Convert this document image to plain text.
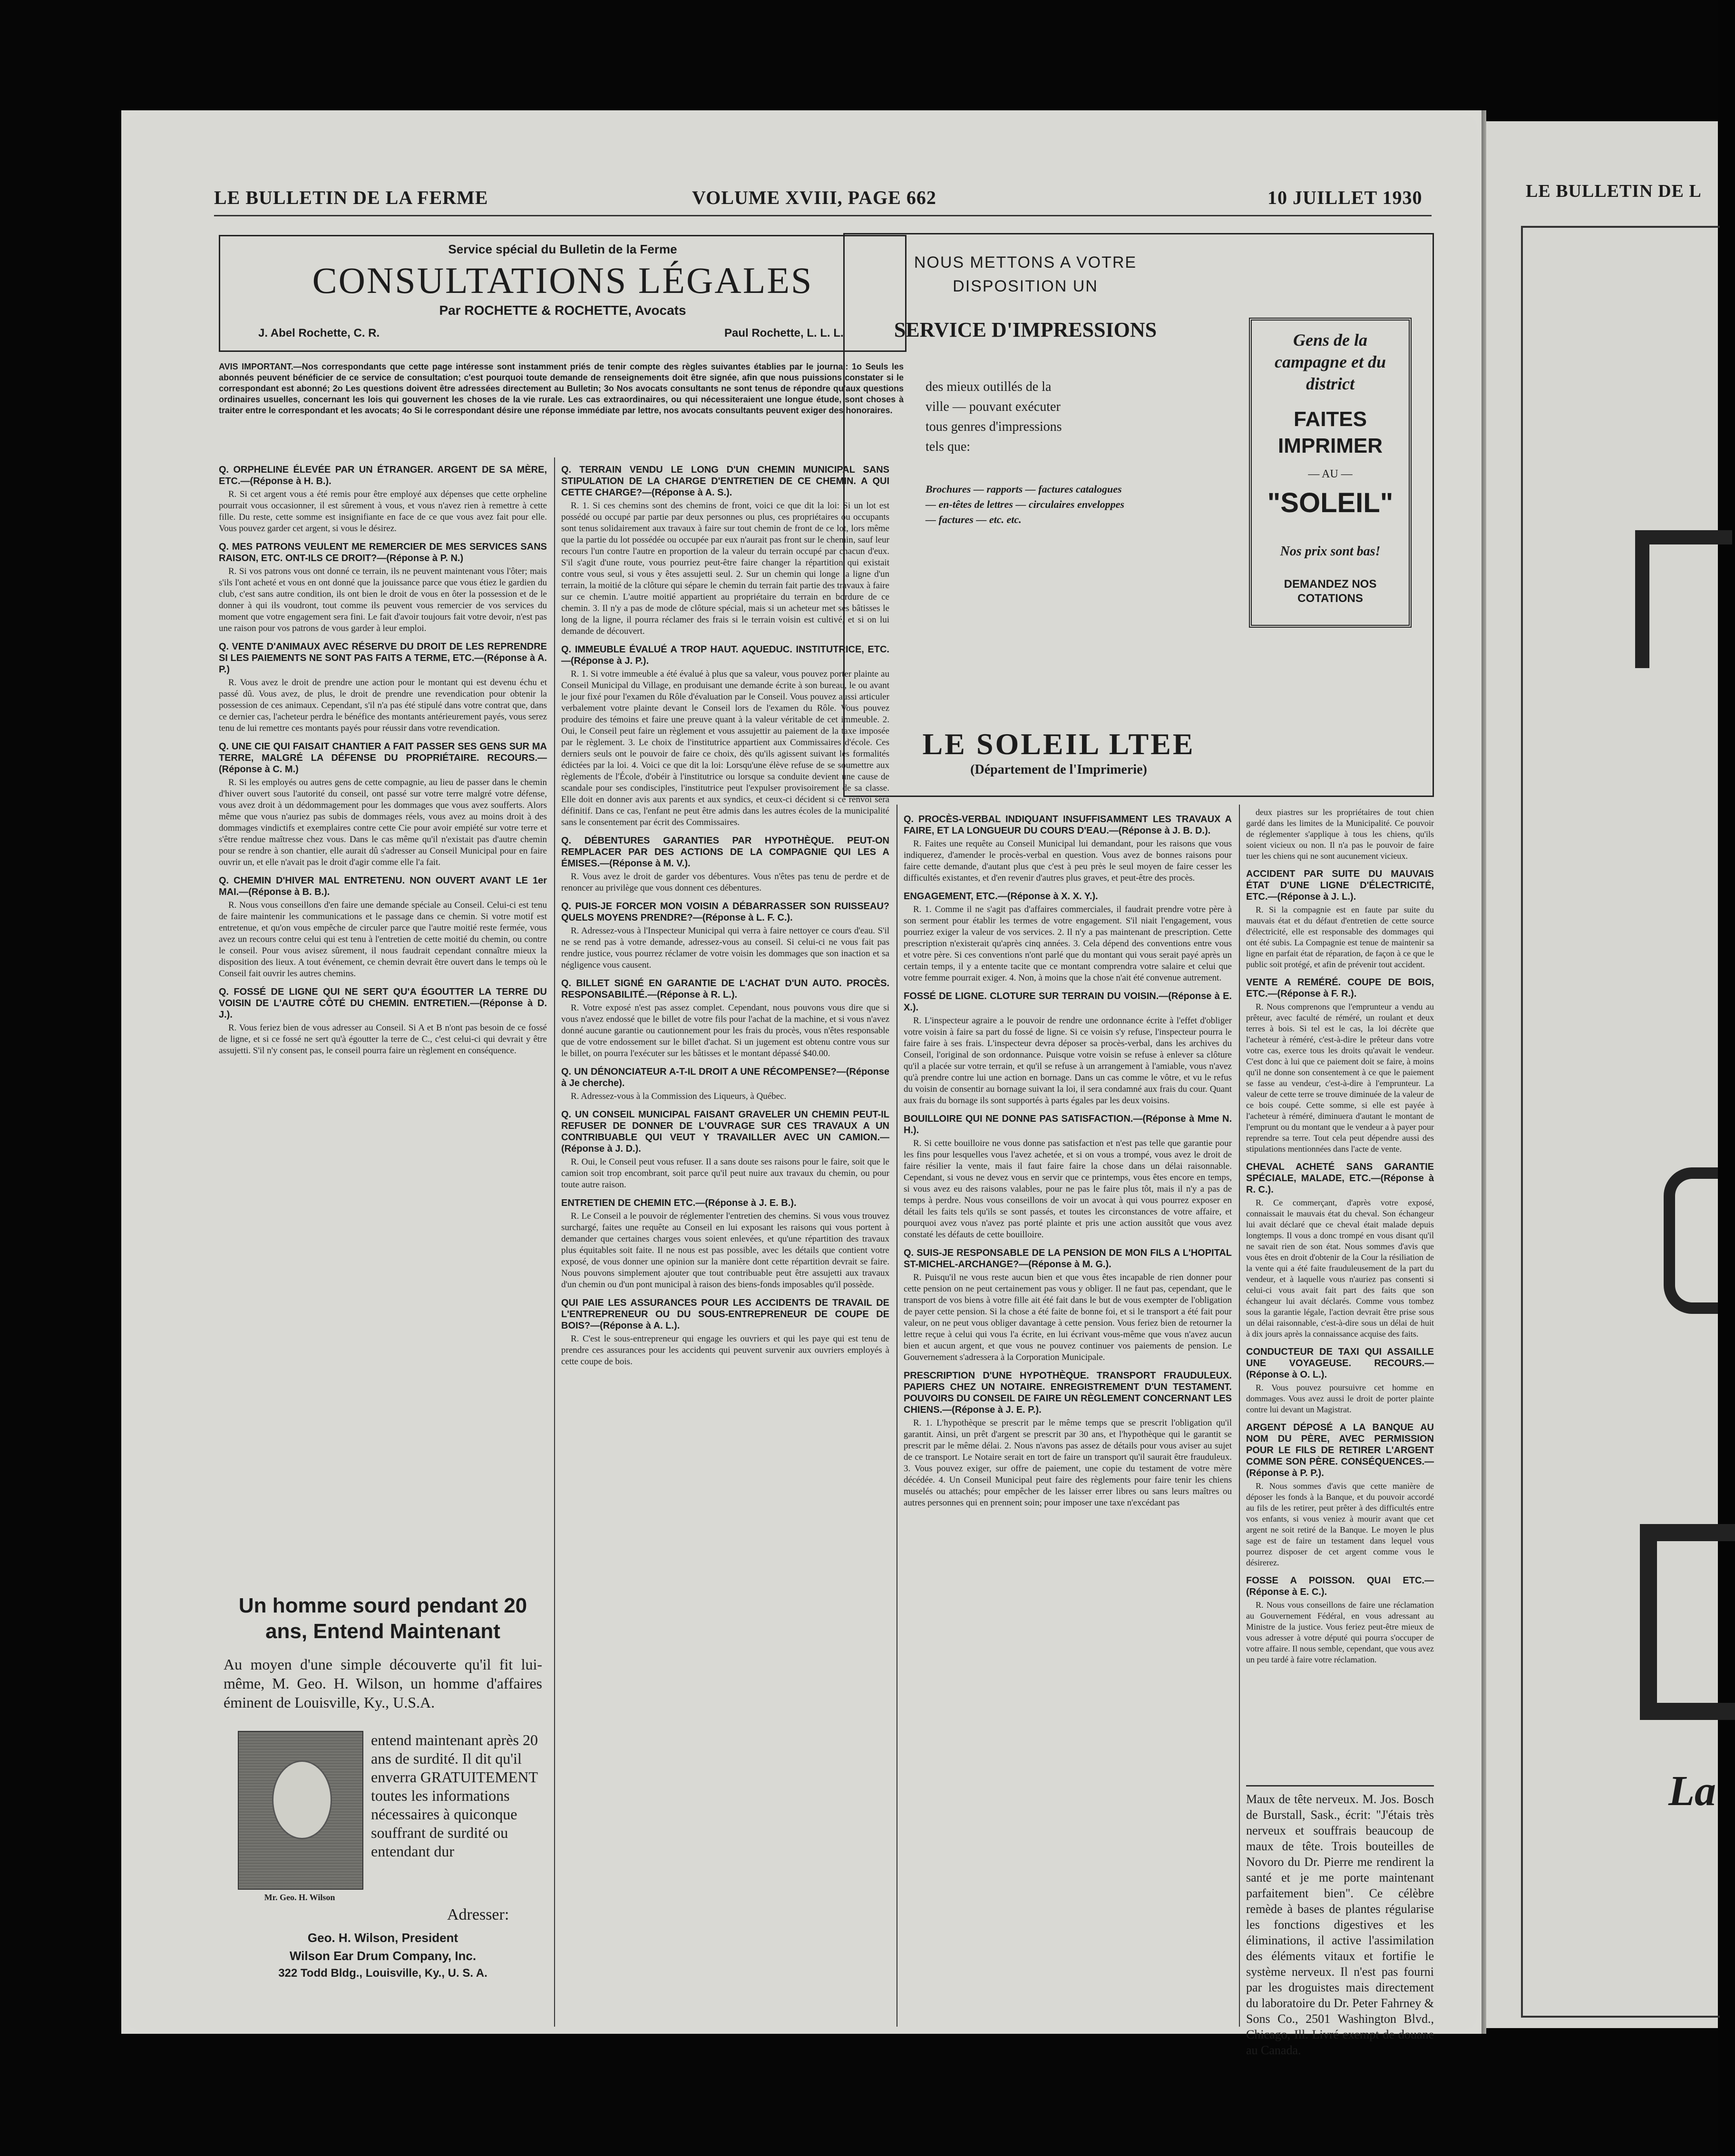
LE BULLETIN DE L
La
LE BULLETIN DE LA FERME	VOLUME XVIII, PAGE 662	10 JUILLET 1930
Service spécial du Bulletin de la Ferme
CONSULTATIONS LÉGALES
Par ROCHETTE & ROCHETTE, Avocats
J. Abel Rochette, C. R.	Paul Rochette, L. L. L.
AVIS IMPORTANT.—Nos correspondants que cette page intéresse sont instamment priés de tenir compte des règles suivantes établies par le journal: 1o Seuls les abonnés peuvent bénéficier de ce service de consultation; c'est pourquoi toute demande de renseignements doit être signée, afin que nous puissions constater si le correspondant est abonné; 2o Les questions doivent être adressées directement au Bulletin; 3o Nos avocats consultants ne sont tenus de répondre qu'aux questions ordinaires usuelles, concernant les lois qui gouvernent les choses de la vie rurale. Les cas extraordinaires, ou qui nécessiteraient une longue étude, sont choses à traiter entre le correspondant et les avocats; 4o Si le correspondant désire une réponse immédiate par lettre, nos avocats consultants peuvent exiger des honoraires.
NOUS METTONS A VOTRE
DISPOSITION UN
SERVICE D'IMPRESSIONS
des mieux outillés de la
ville — pouvant exécuter
tous genres d'impressions
tels que:
Brochures — rapports — factures catalogues — en-têtes de lettres — circulaires enveloppes — factures — etc. etc.
LE SOLEIL LTEE
(Département de l'Imprimerie)
Gens de la campagne et du district
FAITES IMPRIMER
— AU —
"SOLEIL"
Nos prix sont bas!
DEMANDEZ NOS COTATIONS
Q. ORPHELINE ÉLEVÉE PAR UN ÉTRANGER. ARGENT DE SA MÈRE, ETC.—(Réponse à H. B.).

R. Si cet argent vous a été remis pour être employé aux dépenses que cette orpheline pourrait vous occasionner, il est sûrement à vous, et vous n'avez rien à remettre à cette fille. Du reste, cette somme est insignifiante en face de ce que vous avez fait pour elle. Vous pouvez garder cet argent, si vous le désirez.

Q. MES PATRONS VEULENT ME REMERCIER DE MES SERVICES SANS RAISON, ETC. ONT-ILS CE DROIT?—(Réponse à P. N.)

R. Si vos patrons vous ont donné ce terrain, ils ne peuvent maintenant vous l'ôter; mais s'ils l'ont acheté et vous en ont donné que la jouissance parce que vous étiez le gardien du club, c'est sans autre condition, ils ont bien le droit de vous en ôter la possession et de le donner à qui ils voudront, tout comme ils peuvent vous remercier de vos services du moment que votre engagement sera fini. Le fait d'avoir toujours fait votre devoir, n'est pas une raison pour vos patrons de vous garder à leur emploi.

Q. VENTE D'ANIMAUX AVEC RÉSERVE DU DROIT DE LES REPRENDRE SI LES PAIEMENTS NE SONT PAS FAITS A TERME, ETC.—(Réponse à A. P.)

R. Vous avez le droit de prendre une action pour le montant qui est devenu échu et passé dû. Vous avez, de plus, le droit de prendre une revendication pour obtenir la possession de ces animaux. Cependant, s'il n'a pas été stipulé dans votre contrat que, dans ce dernier cas, l'acheteur perdra le bénéfice des montants antérieurement payés, vous serez tenu de lui remettre ces montants payés pour réussir dans votre revendication.

Q. UNE CIE QUI FAISAIT CHANTIER A FAIT PASSER SES GENS SUR MA TERRE, MALGRÉ LA DÉFENSE DU PROPRIÉTAIRE. RECOURS.—(Réponse à C. M.)

R. Si les employés ou autres gens de cette compagnie, au lieu de passer dans le chemin d'hiver ouvert sous l'autorité du conseil, ont passé sur votre terre malgré votre défense, vous avez droit à un dédommagement pour les dommages que vous avez soufferts. Alors même que vous n'auriez pas subis de dommages réels, vous avez au moins droit à des dommages vindictifs et exemplaires contre cette Cie pour avoir empiété sur votre terre et s'être rendue maîtresse chez vous. Dans le cas même qu'il n'existait pas d'autre chemin pour se rendre à son chantier, elle aurait dû s'adresser au Conseil Municipal pour en faire ouvrir un, et elle n'avait pas le droit d'agir comme elle l'a fait.

Q. CHEMIN D'HIVER MAL ENTRETENU. NON OUVERT AVANT LE 1er MAI.—(Réponse à B. B.).

R. Nous vous conseillons d'en faire une demande spéciale au Conseil. Celui-ci est tenu de faire maintenir les communications et le passage dans ce chemin. Si votre motif est entretenue, et qu'on vous empêche de circuler parce que l'autre moitié reste fermée, vous avez un recours contre celui qui est tenu à l'entretien de cette moitié du chemin, ou contre le conseil. Pour vous avisez sûrement, il nous faudrait cependant connaître mieux la disposition des lieux. A tout événement, ce chemin devrait être ouvert dans le temps où le Conseil fait ouvrir les autres chemins.

Q. FOSSÉ DE LIGNE QUI NE SERT QU'A ÉGOUTTER LA TERRE DU VOISIN DE L'AUTRE CÔTÉ DU CHEMIN. ENTRETIEN.—(Réponse à D. J.).

R. Vous feriez bien de vous adresser au Conseil. Si A et B n'ont pas besoin de ce fossé de ligne, et si ce fossé ne sert qu'à égoutter la terre de C., c'est celui-ci qui devrait y être assujetti. S'il n'y consent pas, le conseil pourra faire un règlement en conséquence.

Un homme sourd pendant 20 ans, Entend Maintenant
Au moyen d'une simple découverte qu'il fit lui-même, M. Geo. H. Wilson, un homme d'affaires éminent de Louisville, Ky., U.S.A.
Mr. Geo. H. Wilson
entend maintenant après 20 ans de surdité. Il dit qu'il enverra GRATUITEMENT toutes les informations nécessaires à quiconque souffrant de surdité ou entendant dur
Adresser:
Geo. H. Wilson, President
Wilson Ear Drum Company, Inc.
322 Todd Bldg., Louisville, Ky., U. S. A.
Q. TERRAIN VENDU LE LONG D'UN CHEMIN MUNICIPAL SANS STIPULATION DE LA CHARGE D'ENTRETIEN DE CE CHEMIN. A QUI CETTE CHARGE?—(Réponse à A. S.).

R. 1. Si ces chemins sont des chemins de front, voici ce que dit la loi: Si un lot est possédé ou occupé par partie par deux personnes ou plus, ces propriétaires ou occupants sont tenus solidairement aux travaux à faire sur tout chemin de front de ce lot, lors même que la partie du lot possédée ou occupée par eux n'aurait pas front sur le chemin, sauf leur recours l'un contre l'autre en proportion de la valeur du terrain occupé par chacun d'eux. S'il s'agit d'une route, vous pourriez peut-être faire changer la répartition qui existait contre vous seul, si vous y êtes assujetti seul. 2. Sur un chemin qui longe la ligne d'un terrain, la moitié de la clôture qui sépare le chemin du terrain fait partie des travaux à faire sur ce chemin. L'autre moitié appartient au propriétaire du terrain en bordure de ce chemin. 3. Il n'y a pas de mode de clôture spécial, mais si un acheteur met ses bâtisses le long de la ligne, il pourra réclamer des frais si le terrain voisin est cultivé, et si on lui demande de découvert.

Q. IMMEUBLE ÉVALUÉ A TROP HAUT. AQUEDUC. INSTITUTRICE, ETC.—(Réponse à J. P.).

R. 1. Si votre immeuble a été évalué à plus que sa valeur, vous pouvez porter plainte au Conseil Municipal du Village, en produisant une demande écrite à son bureau, le ou avant le jour fixé pour l'examen du Rôle d'évaluation par le Conseil. Vous pouvez aussi articuler verbalement votre plainte devant le Conseil lors de l'examen du Rôle. Vous pouvez produire des témoins et faire une preuve quant à la valeur véritable de cet immeuble. 2. Oui, le Conseil peut faire un règlement et vous assujettir au paiement de la taxe imposée par le règlement. 3. Le choix de l'institutrice appartient aux Commissaires d'école. Ces derniers seuls ont le pouvoir de faire ce choix, dès qu'ils agissent suivant les formalités édictées par la loi. 4. Voici ce que dit la loi: Lorsqu'une élève refuse de se soumettre aux règlements de l'École, d'obéir à l'institutrice ou lorsque sa conduite devient une cause de scandale pour ses condisciples, l'institutrice peut l'expulser provisoirement de sa classe. Elle doit en donner avis aux parents et aux syndics, et ceux-ci décident si ce renvoi sera définitif. Dans ce cas, l'enfant ne peut être admis dans les autres écoles de la municipalité sans le consentement par écrit des Commissaires.

Q. DÉBENTURES GARANTIES PAR HYPOTHÈQUE. PEUT-ON REMPLACER PAR DES ACTIONS DE LA COMPAGNIE QUI LES A ÉMISES.—(Réponse à M. V.).

R. Vous avez le droit de garder vos débentures. Vous n'êtes pas tenu de perdre et de renoncer au privilège que vous donnent ces débentures.

Q. PUIS-JE FORCER MON VOISIN A DÉBARRASSER SON RUISSEAU? QUELS MOYENS PRENDRE?—(Réponse à L. F. C.).

R. Adressez-vous à l'Inspecteur Municipal qui verra à faire nettoyer ce cours d'eau. S'il ne se rend pas à votre demande, adressez-vous au conseil. Si celui-ci ne vous fait pas rendre justice, vous pourrez réclamer de votre voisin les dommages que son inaction et sa négligence vous causent.

Q. BILLET SIGNÉ EN GARANTIE DE L'ACHAT D'UN AUTO. PROCÈS. RESPONSABILITÉ.—(Réponse à R. L.).

R. Votre exposé n'est pas assez complet. Cependant, nous pouvons vous dire que si vous n'avez endossé que le billet de votre fils pour l'achat de la machine, et si vous n'avez donné aucune garantie ou cautionnement pour les frais du procès, vous n'êtes responsable que de votre endossement sur le billet d'achat. Si un jugement est obtenu contre vous sur le billet, on pourra l'exécuter sur les bâtisses et le montant dépassé $40.00.

Q. UN DÉNONCIATEUR A-T-IL DROIT A UNE RÉCOMPENSE?—(Réponse à Je cherche).

R. Adressez-vous à la Commission des Liqueurs, à Québec.

Q. UN CONSEIL MUNICIPAL FAISANT GRAVELER UN CHEMIN PEUT-IL REFUSER DE DONNER DE L'OUVRAGE SUR CES TRAVAUX A UN CONTRIBUABLE QUI VEUT Y TRAVAILLER AVEC UN CAMION.—(Réponse à J. D.).

R. Oui, le Conseil peut vous refuser. Il a sans doute ses raisons pour le faire, soit que le camion soit trop encombrant, soit parce qu'il peut nuire aux travaux du chemin, ou pour toute autre raison.

ENTRETIEN DE CHEMIN ETC.—(Réponse à J. E. B.).

R. Le Conseil a le pouvoir de réglementer l'entretien des chemins. Si vous vous trouvez surchargé, faites une requête au Conseil en lui exposant les raisons qui vous portent à demander que certaines charges vous soient enlevées, et qu'une répartition des travaux plus équitables soit faite. Il ne nous est pas possible, avec les détails que contient votre exposé, de vous donner une opinion sur la manière dont cette répartition devrait se faire. Nous pouvons simplement ajouter que tout contribuable peut être assujetti aux travaux d'un chemin ou d'un pont municipal à raison des biens-fonds imposables qu'il possède.

QUI PAIE LES ASSURANCES POUR LES ACCIDENTS DE TRAVAIL DE L'ENTREPRENEUR OU DU SOUS-ENTREPRENEUR DE COUPE DE BOIS?—(Réponse à A. L.).

R. C'est le sous-entrepreneur qui engage les ouvriers et qui les paye qui est tenu de prendre ces assurances pour les accidents qui peuvent survenir aux ouvriers employés à cette coupe de bois.

Q. PROCÈS-VERBAL INDIQUANT INSUFFISAMMENT LES TRAVAUX A FAIRE, ET LA LONGUEUR DU COURS D'EAU.—(Réponse à J. B. D.).

R. Faites une requête au Conseil Municipal lui demandant, pour les raisons que vous indiquerez, d'amender le procès-verbal en question. Vous avez de bonnes raisons pour faire cette demande, d'autant plus que c'est à peu près le seul moyen de faire cesser les difficultés existantes, et d'en revenir d'autres plus graves, et peut-être des procès.

ENGAGEMENT, ETC.—(Réponse à X. X. Y.).

R. 1. Comme il ne s'agit pas d'affaires commerciales, il faudrait prendre votre père à son serment pour établir les termes de votre engagement. S'il niait l'engagement, vous pourriez exiger la valeur de vos services. 2. Il n'y a pas maintenant de prescription. Cette prescription n'existerait qu'après cinq années. 3. Cela dépend des conventions entre vous et votre père. Si ces conventions n'ont parlé que du montant qui vous serait payé après un certain temps, il y a entente tacite que ce montant comprendra votre salaire et celui que votre femme pourrait exiger. 4. Non, à moins que la chose n'ait été convenue autrement.

FOSSÉ DE LIGNE. CLOTURE SUR TERRAIN DU VOISIN.—(Réponse à E. X.).

R. L'inspecteur agraire a le pouvoir de rendre une ordonnance écrite à l'effet d'obliger votre voisin à faire sa part du fossé de ligne. Si ce voisin s'y refuse, l'inspecteur pourra le faire faire à ses frais. L'inspecteur devra déposer sa procès-verbal, dans les archives du Conseil, l'original de son ordonnance. Puisque votre voisin se refuse à enlever sa clôture qu'il a placée sur votre terrain, et qu'il se refuse à un arrangement à l'amiable, vous n'avez qu'à prendre contre lui une action en bornage. Dans un cas comme le vôtre, et vu le refus du voisin de consentir au bornage suivant la loi, il sera condamné aux frais du cour. Quant aux frais du bornage ils sont supportés à parts égales par les deux voisins.

BOUILLOIRE QUI NE DONNE PAS SATISFACTION.—(Réponse à Mme N. H.).

R. Si cette bouilloire ne vous donne pas satisfaction et n'est pas telle que garantie pour les fins pour lesquelles vous l'avez achetée, et si on vous a trompé, vous avez le droit de faire résilier la vente, mais il faut faire faire la chose dans un délai raisonnable. Cependant, si vous ne devez vous en servir que ce printemps, vous êtes encore en temps, si vous avez eu des raisons valables, pour ne pas le faire plus tôt, mais il n'y a pas de temps à perdre. Nous vous conseillons de voir un avocat à qui vous pourrez exposer en détail les faits tels qu'ils se sont passés, et toutes les circonstances de votre affaire, et pourquoi avez vous n'avez pas porté plainte et pris une action aussitôt que vous avez constaté les défauts de cette bouilloire.

Q. SUIS-JE RESPONSABLE DE LA PENSION DE MON FILS A L'HOPITAL ST-MICHEL-ARCHANGE?—(Réponse à M. G.).

R. Puisqu'il ne vous reste aucun bien et que vous êtes incapable de rien donner pour cette pension on ne peut certainement pas vous y obliger. Il ne faut pas, cependant, que le transport de vos biens à votre fille ait été fait dans le but de vous exempter de l'obligation de payer cette pension. Si la chose a été faite de bonne foi, et si le transport a été fait pour valeur, on ne peut vous obliger davantage à cette pension. Vous feriez bien de retourner la lettre reçue à celui qui vous l'a écrite, en lui écrivant vous-même que vous n'avez aucun bien et aucun argent, et que vous ne pouvez continuer vos paiements de pension. Le Gouvernement s'adressera à la Corporation Municipale.

PRESCRIPTION D'UNE HYPOTHÈQUE. TRANSPORT FRAUDULEUX. PAPIERS CHEZ UN NOTAIRE. ENREGISTREMENT D'UN TESTAMENT. POUVOIRS DU CONSEIL DE FAIRE UN RÈGLEMENT CONCERNANT LES CHIENS.—(Réponse à J. E. P.).

R. 1. L'hypothèque se prescrit par le même temps que se prescrit l'obligation qu'il garantit. Ainsi, un prêt d'argent se prescrit par 30 ans, et l'hypothèque qui le garantit se prescrit par le même délai. 2. Nous n'avons pas assez de détails pour vous aviser au sujet de ce transport. Le Notaire serait en tort de faire un transport qu'il saurait être frauduleux. 3. Vous pouvez exiger, sur offre de paiement, une copie du testament de votre mère décédée. 4. Un Conseil Municipal peut faire des règlements pour faire tenir les chiens muselés ou attachés; pour empêcher de les laisser errer libres ou sans leurs maîtres ou autres personnes qui en prennent soin; pour imposer une taxe n'excédant pas

deux piastres sur les propriétaires de tout chien gardé dans les limites de la Municipalité. Ce pouvoir de réglementer s'applique à tous les chiens, qu'ils soient vicieux ou non. Il n'a pas le pouvoir de faire tuer les chiens qui ne sont aucunement vicieux.

ACCIDENT PAR SUITE DU MAUVAIS ÉTAT D'UNE LIGNE D'ÉLECTRICITÉ, ETC.—(Réponse à J. L.).

R. Si la compagnie est en faute par suite du mauvais état et du défaut d'entretien de cette source d'électricité, elle est responsable des dommages qui ont été subis. La Compagnie est tenue de maintenir sa ligne en parfait état de réparation, de façon à ce que le public soit protégé, et afin de prévenir tout accident.

VENTE A REMÉRÉ. COUPE DE BOIS, ETC.—(Réponse à F. R.).

R. Nous comprenons que l'emprunteur a vendu au prêteur, avec faculté de réméré, un roulant et deux terres à bois. Si tel est le cas, la loi décrète que l'acheteur à réméré, c'est-à-dire le prêteur dans votre votre cas, exerce tous les droits qu'avait le vendeur. C'est donc à lui que ce paiement doit se faire, à moins qu'il ne donne son consentement à ce que le paiement se fasse au vendeur, c'est-à-dire à l'emprunteur. La valeur de cette terre se trouve diminuée de la valeur de ce bois coupé. Cette somme, si elle est payée à l'acheteur à réméré, diminuera d'autant le montant de l'emprunt ou du montant que le vendeur a à payer pour reprendre sa terre. Tout cela peut dépendre aussi des stipulations mentionnées dans l'acte de vente.

CHEVAL ACHETÉ SANS GARANTIE SPÉCIALE, MALADE, ETC.—(Réponse à R. C.).

R. Ce commerçant, d'après votre exposé, connaissait le mauvais état du cheval. Son échangeur lui avait déclaré que ce cheval était malade depuis longtemps. Il vous a donc trompé en vous disant qu'il ne savait rien de son état. Nous sommes d'avis que vous êtes en droit d'obtenir de la Cour la résiliation de la vente qui a été faite frauduleusement de la part du vendeur, et à laquelle vous n'auriez pas consenti si celui-ci vous avait fait part des faits que son échangeur lui avait déclarés. Comme vous tombez sous la garantie légale, l'action devrait être prise sous un délai raisonnable, c'est-à-dire sous un délai de huit à dix jours après la connaissance acquise des faits.

CONDUCTEUR DE TAXI QUI ASSAILLE UNE VOYAGEUSE. RECOURS.—(Réponse à O. L.).

R. Vous pouvez poursuivre cet homme en dommages. Vous avez aussi le droit de porter plainte contre lui devant un Magistrat.

ARGENT DÉPOSÉ A LA BANQUE AU NOM DU PÈRE, AVEC PERMISSION POUR LE FILS DE RETIRER L'ARGENT COMME SON PÈRE. CONSÉQUENCES.—(Réponse à P. P.).

R. Nous sommes d'avis que cette manière de déposer les fonds à la Banque, et du pouvoir accordé au fils de les retirer, peut prêter à des difficultés entre vos enfants, si vous veniez à mourir avant que cet argent ne soit retiré de la Banque. Le moyen le plus sage est de faire un testament dans lequel vous pourrez disposer de cet argent comme vous le désirerez.

FOSSE A POISSON. QUAI ETC.—(Réponse à E. C.).

R. Nous vous conseillons de faire une réclamation au Gouvernement Fédéral, en vous adressant au Ministre de la justice. Vous feriez peut-être mieux de vous adresser à votre député qui pourra s'occuper de votre affaire. Il nous semble, cependant, que vous avez un peu tardé à faire votre réclamation.

Maux de tête nerveux. M. Jos. Bosch de Burstall, Sask., écrit: "J'étais très nerveux et souffrais beaucoup de maux de tête. Trois bouteilles de Novoro du Dr. Pierre me rendirent la santé et je me porte maintenant parfaitement bien". Ce célèbre remède à bases de plantes régularise les fonctions digestives et les éliminations, il active l'assimilation des éléments vitaux et fortifie le système nerveux. Il n'est pas fourni par les droguistes mais directement du laboratoire du Dr. Peter Fahrney & Sons Co., 2501 Washington Blvd., Chicago, Ill. Livré exempt de douane au Canada.
